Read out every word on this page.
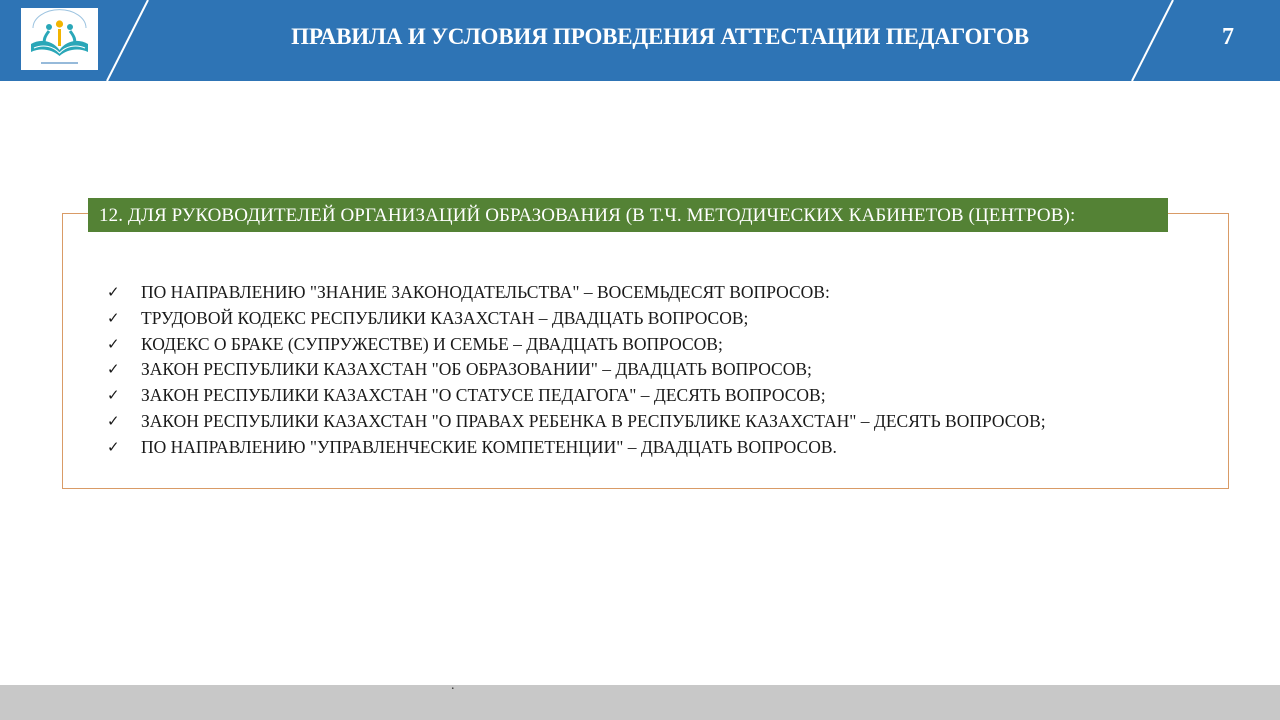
ПРАВИЛА И УСЛОВИЯ ПРОВЕДЕНИЯ АТТЕСТАЦИИ ПЕДАГОГОВ	7
12. ДЛЯ РУКОВОДИТЕЛЕЙ ОРГАНИЗАЦИЙ ОБРАЗОВАНИЯ (В Т.Ч. МЕТОДИЧЕСКИХ КАБИНЕТОВ (ЦЕНТРОВ):
✓ ПО НАПРАВЛЕНИЮ "ЗНАНИЕ ЗАКОНОДАТЕЛЬСТВА" – ВОСЕМЬДЕСЯТ ВОПРОСОВ:
✓ ТРУДОВОЙ КОДЕКС РЕСПУБЛИКИ КАЗАХСТАН – ДВАДЦАТЬ ВОПРОСОВ;
✓ КОДЕКС О БРАКЕ (СУПРУЖЕСТВЕ) И СЕМЬЕ – ДВАДЦАТЬ ВОПРОСОВ;
✓ ЗАКОН РЕСПУБЛИКИ КАЗАХСТАН "ОБ ОБРАЗОВАНИИ" – ДВАДЦАТЬ ВОПРОСОВ;
✓ ЗАКОН РЕСПУБЛИКИ КАЗАХСТАН "О СТАТУСЕ ПЕДАГОГА" – ДЕСЯТЬ ВОПРОСОВ;
✓ ЗАКОН РЕСПУБЛИКИ КАЗАХСТАН "О ПРАВАХ РЕБЕНКА В РЕСПУБЛИКЕ КАЗАХСТАН" – ДЕСЯТЬ ВОПРОСОВ;
✓ ПО НАПРАВЛЕНИЮ "УПРАВЛЕНЧЕСКИЕ КОМПЕТЕНЦИИ" – ДВАДЦАТЬ ВОПРОСОВ.
.
